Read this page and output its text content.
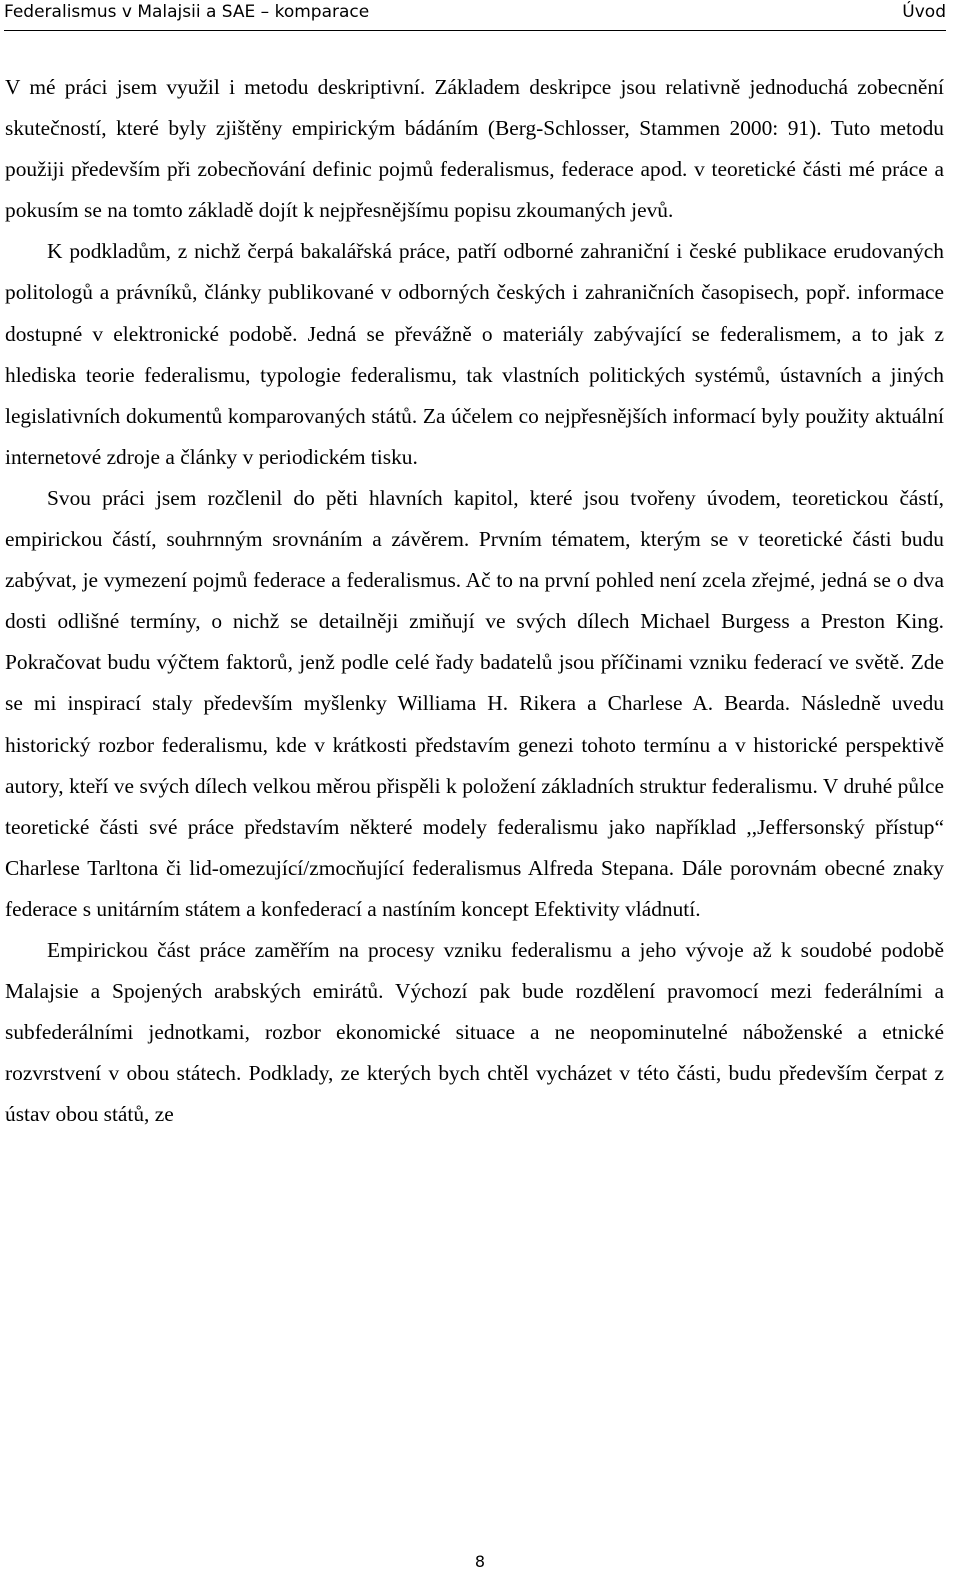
Federalismus v Malajsii a SAE – komparace	Úvod

V mé práci jsem využil i metodu deskriptivní. Základem deskripce jsou relativně jednoduchá zobecnění skutečností, které byly zjištěny empirickým bádáním (Berg-Schlosser, Stammen 2000: 91). Tuto metodu použiji především při zobecňování definic pojmů federalismus, federace apod. v teoretické části mé práce a pokusím se na tomto základě dojít k nejpřesnějšímu popisu zkoumaných jevů.

K podkladům, z nichž čerpá bakalářská práce, patří odborné zahraniční i české publikace erudovaných politologů a právníků, články publikované v odborných českých i zahraničních časopisech, popř. informace dostupné v elektronické podobě. Jedná se převážně o materiály zabývající se federalismem, a to jak z hlediska teorie federalismu, typologie federalismu, tak vlastních politických systémů, ústavních a jiných legislativních dokumentů komparovaných států. Za účelem co nejpřesnějších informací byly použity aktuální internetové zdroje a články v periodickém tisku.

Svou práci jsem rozčlenil do pěti hlavních kapitol, které jsou tvořeny úvodem, teoretickou částí, empirickou částí, souhrnným srovnáním a závěrem. Prvním tématem, kterým se v teoretické části budu zabývat, je vymezení pojmů federace a federalismus. Ač to na první pohled není zcela zřejmé, jedná se o dva dosti odlišné termíny, o nichž se detailněji zmiňují ve svých dílech Michael Burgess a Preston King. Pokračovat budu výčtem faktorů, jenž podle celé řady badatelů jsou příčinami vzniku federací ve světě. Zde se mi inspirací staly především myšlenky Williama H. Rikera a Charlese A. Bearda. Následně uvedu historický rozbor federalismu, kde v krátkosti představím genezi tohoto termínu a v historické perspektivě autory, kteří ve svých dílech velkou měrou přispěli k položení základních struktur federalismu. V druhé půlce teoretické části své práce představím některé modely federalismu jako například ,,Jeffersonský přístup“ Charlese Tarltona či lid-omezující/zmocňující federalismus Alfreda Stepana. Dále porovnám obecné znaky federace s unitárním státem a konfederací a nastíním koncept Efektivity vládnutí.

Empirickou část práce zaměřím na procesy vzniku federalismu a jeho vývoje až k soudobé podobě Malajsie a Spojených arabských emirátů. Výchozí pak bude rozdělení pravomocí mezi federálními a subfederálními jednotkami, rozbor ekonomické situace a ne neopominutelné náboženské a etnické rozvrstvení v obou státech. Podklady, ze kterých bych chtěl vycházet v této části, budu především čerpat z ústav obou států, ze

8
